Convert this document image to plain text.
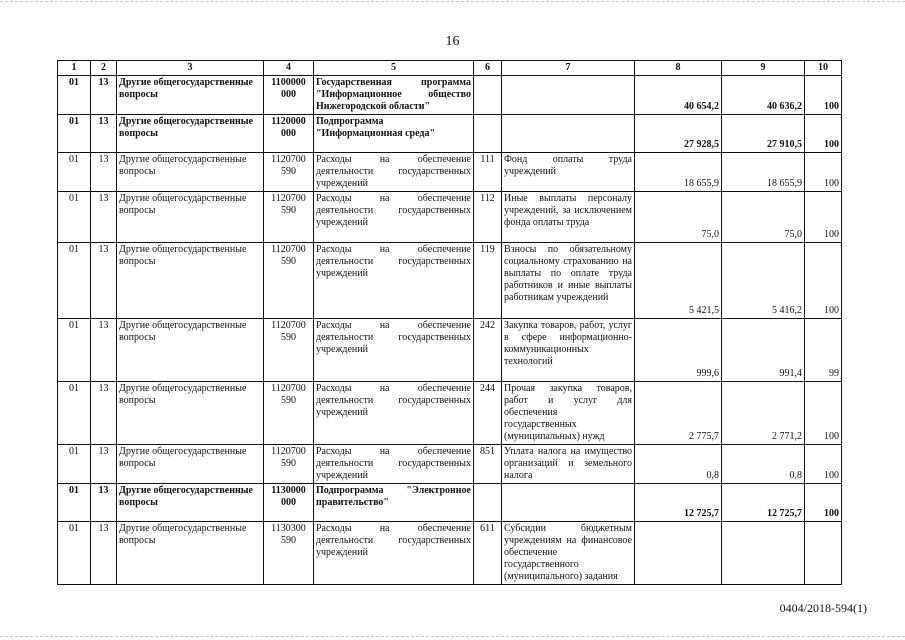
16
1	2	3	4	5	6	7	8	9	10
01	13	Другие общегосударственные вопросы	1100000 000	Государственная программа "Информационное общество Нижегородской области"			40 654,2	40 636,2	100
01	13	Другие общегосударственные вопросы	1120000 000	Подпрограмма "Информационная среда"			27 928,5	27 910,5	100
01	13	Другие общегосударственные вопросы	1120700 590	Расходы на обеспечение деятельности государственных учреждений	111	Фонд оплаты труда учреждений	18 655,9	18 655,9	100
01	13	Другие общегосударственные вопросы	1120700 590	Расходы на обеспечение деятельности государственных учреждений	112	Иные выплаты персоналу учреждений, за исключением фонда оплаты труда	75,0	75,0	100
01	13	Другие общегосударственные вопросы	1120700 590	Расходы на обеспечение деятельности государственных учреждений	119	Взносы по обязательному социальному страхованию на выплаты по оплате труда работников и иные выплаты работникам учреждений	5 421,5	5 416,2	100
01	13	Другие общегосударственные вопросы	1120700 590	Расходы на обеспечение деятельности государственных учреждений	242	Закупка товаров, работ, услуг в сфере информационно-коммуникационных технологий	999,6	991,4	99
01	13	Другие общегосударственные вопросы	1120700 590	Расходы на обеспечение деятельности государственных учреждений	244	Прочая закупка товаров, работ и услуг для обеспечения государственных (муниципальных) нужд	2 775,7	2 771,2	100
01	13	Другие общегосударственные вопросы	1120700 590	Расходы на обеспечение деятельности государственных учреждений	851	Уплата налога на имущество организаций и земельного налога	0,8	0,8	100
01	13	Другие общегосударственные вопросы	1130000 000	Подпрограмма "Электронное правительство"			12 725,7	12 725,7	100
01	13	Другие общегосударственные вопросы	1130300 590	Расходы на обеспечение деятельности государственных учреждений	611	Субсидии бюджетным учреждениям на финансовое обеспечение государственного (муниципального) задания			
0404/2018-594(1)
